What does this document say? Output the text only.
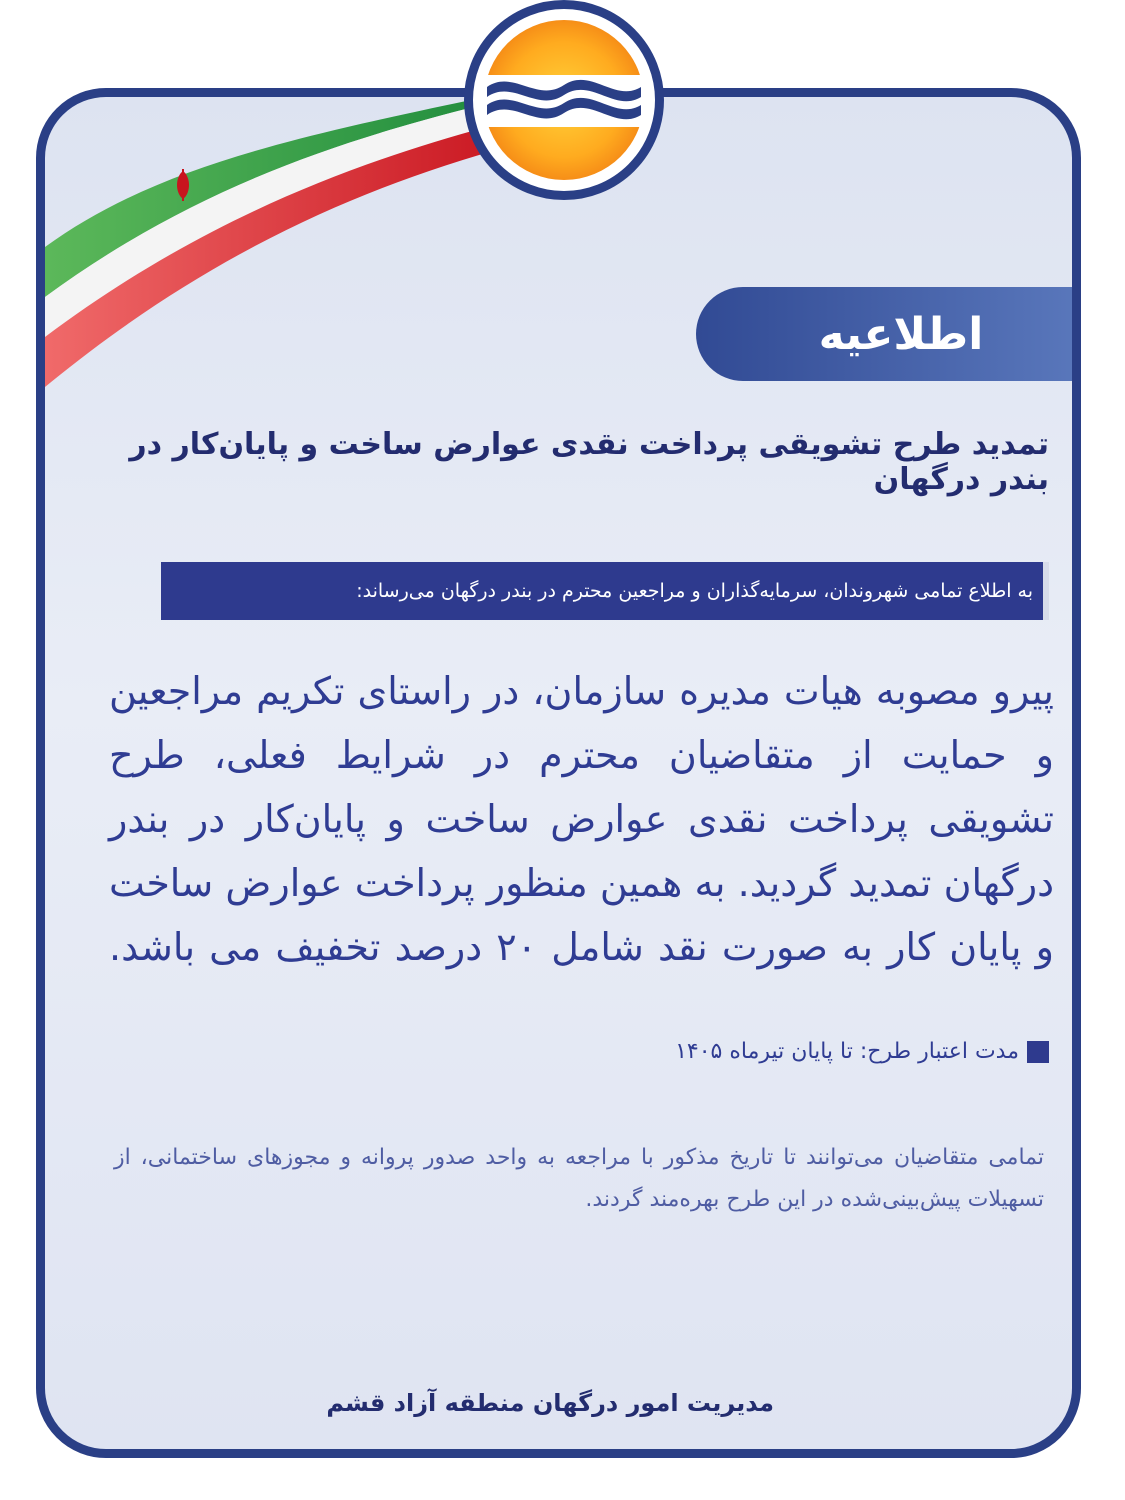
اطلاعیه
تمدید طرح تشویقی پرداخت نقدی عوارض ساخت و پایان‌کار در بندر درگهان
به اطلاع تمامی شهروندان، سرمایه‌گذاران و مراجعین محترم در بندر درگهان می‌رساند:
پیرو مصوبه هیات مدیره سازمان، در راستای تکریم مراجعین و حمایت از متقاضیان محترم در شرایط فعلی، طرح تشویقی پرداخت نقدی عوارض ساخت و پایان‌کار در بندر درگهان تمدید گردید. به همین منظور پرداخت عوارض ساخت و پایان کار به صورت نقد شامل ۲۰ درصد تخفیف می باشد.
مدت اعتبار طرح: تا پایان تیرماه ۱۴۰۵
تمامی متقاضیان می‌توانند تا تاریخ مذکور با مراجعه به واحد صدور پروانه و مجوزهای ساختمانی، از تسهیلات پیش‌بینی‌شده در این طرح بهره‌مند گردند.
مدیریت امور درگهان منطقه آزاد قشم
